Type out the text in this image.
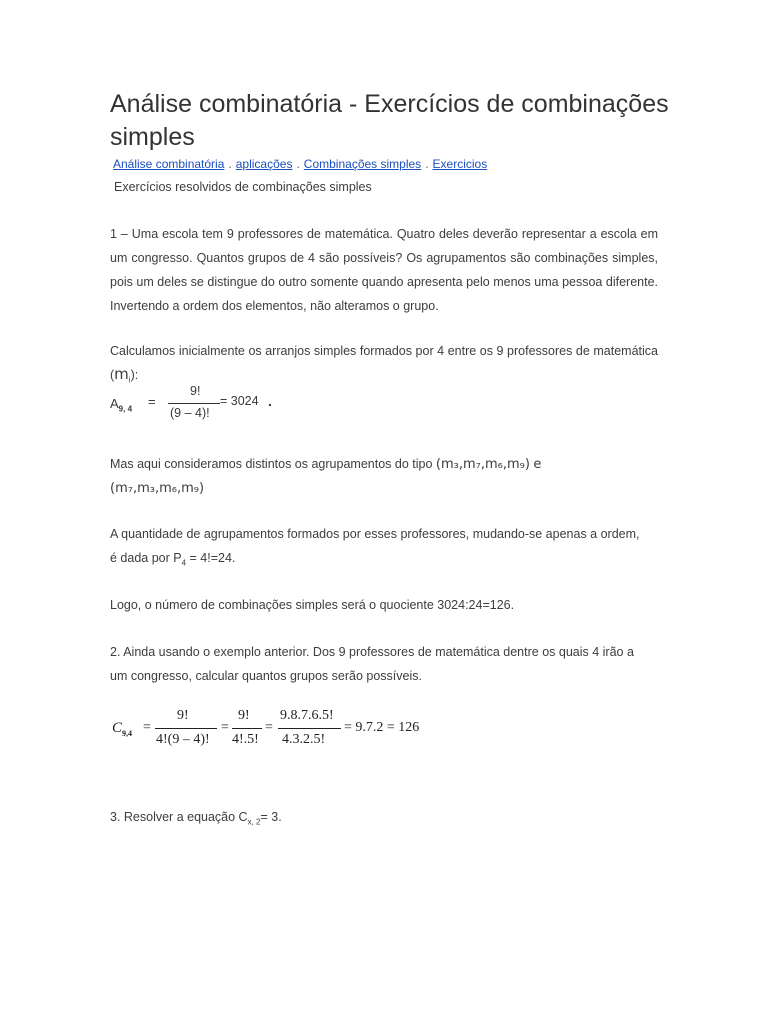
Análise combinatória - Exercícios de combinações simples
Análise combinatória . aplicações . Combinações simples . Exercicios
Exercícios resolvidos de combinações simples

1 – Uma escola tem 9 professores de matemática. Quatro deles deverão representar a escola em um congresso. Quantos grupos de 4 são possíveis? Os agrupamentos são combinações simples, pois um deles se distingue do outro somente quando apresenta pelo menos uma pessoa diferente. Invertendo a ordem dos elementos, não alteramos o grupo.

Calculamos inicialmente os arranjos simples formados por 4 entre os 9 professores de matemática $(m_i)$:

$A_{9, 4}$
=
9!
(9 – 4)!
= 3024 .
Mas aqui consideramos distintos os agrupamentos do tipo (m₃,m₇,m₆,m₉) e
(m₇,m₃,m₆,m₉)
A quantidade de agrupamentos formados por esses professores, mudando-se apenas a ordem,
é dada por $P_4 = 4!=24$.
Logo, o número de combinações simples será o quociente 3024:24=126.
2. Ainda usando o exemplo anterior. Dos 9 professores de matemática dentre os quais 4 irão a
um congresso, calcular quantos grupos serão possíveis.
$C_{9,4}$ =
9!
4!(9 – 4)!
=
9!
4!.5!
=
9.8.7.6.5!
4.3.2.5!
= 9.7.2 = 126
3. Resolver a equação $C_{x, 2}= 3$.
